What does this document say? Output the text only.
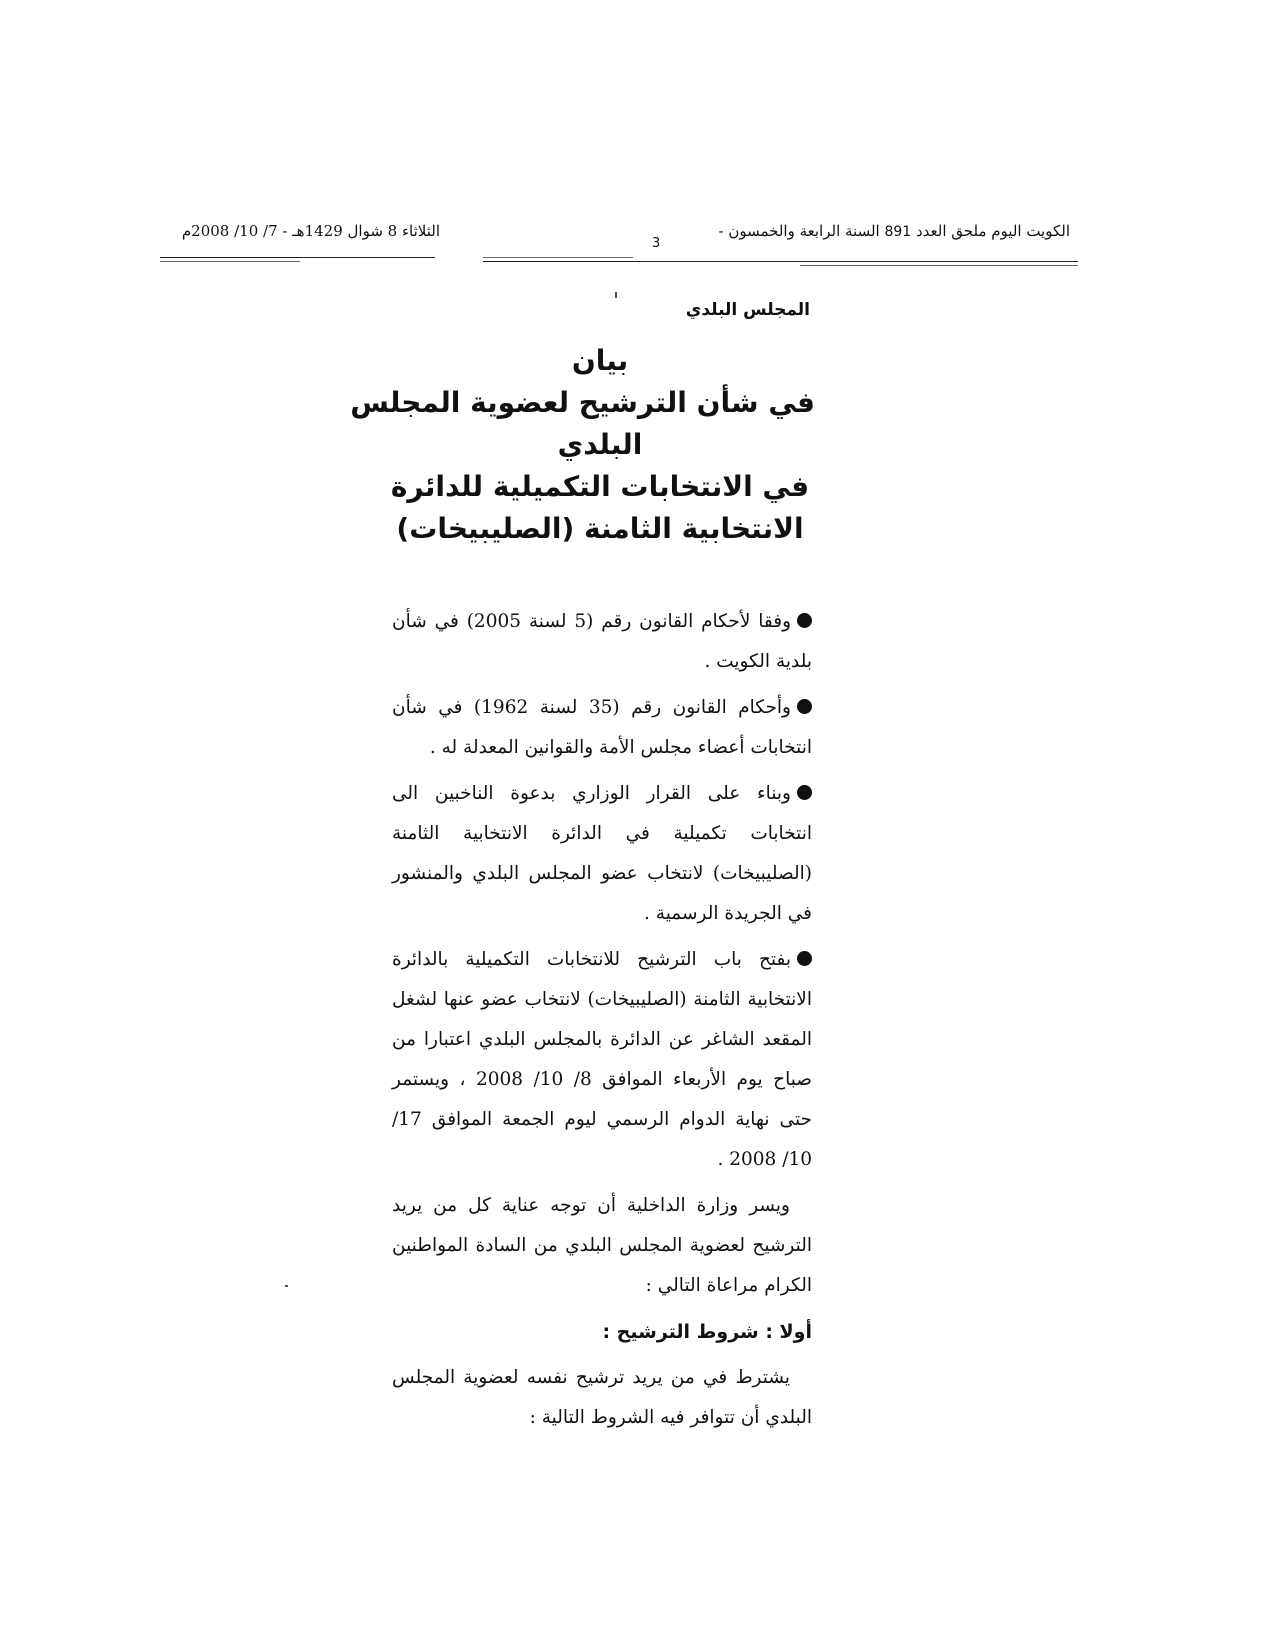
الكويت اليوم ملحق العدد 891 السنة الرابعة والخمسون -
3
الثلاثاء 8 شوال 1429هـ - 7/ 10/ 2008م
المجلس البلدي
بيان
في شأن الترشيح لعضوية المجلس
البلدي
في الانتخابات التكميلية للدائرة
الانتخابية الثامنة (الصليبيخات)

وفقا لأحكام القانون رقم (5 لسنة 2005) في شأن بلدية الكويت .

وأحكام القانون رقم (35 لسنة 1962) في شأن انتخابات أعضاء مجلس الأمة والقوانين المعدلة له .

وبناء على القرار الوزاري بدعوة الناخبين الى انتخابات تكميلية في الدائرة الانتخابية الثامنة (الصليبيخات) لانتخاب عضو المجلس البلدي والمنشور في الجريدة الرسمية .

بفتح باب الترشيح للانتخابات التكميلية بالدائرة الانتخابية الثامنة (الصليبيخات) لانتخاب عضو عنها لشغل المقعد الشاغر عن الدائرة بالمجلس البلدي اعتبارا من صباح يوم الأربعاء الموافق 8/ 10/ 2008 ، ويستمر حتى نهاية الدوام الرسمي ليوم الجمعة الموافق 17/ 10/ 2008 .

ويسر وزارة الداخلية أن توجه عناية كل من يريد الترشيح لعضوية المجلس البلدي من السادة المواطنين الكرام مراعاة التالي :

أولا : شروط الترشيح :

يشترط في من يريد ترشيح نفسه لعضوية المجلس البلدي أن تتوافر فيه الشروط التالية :
